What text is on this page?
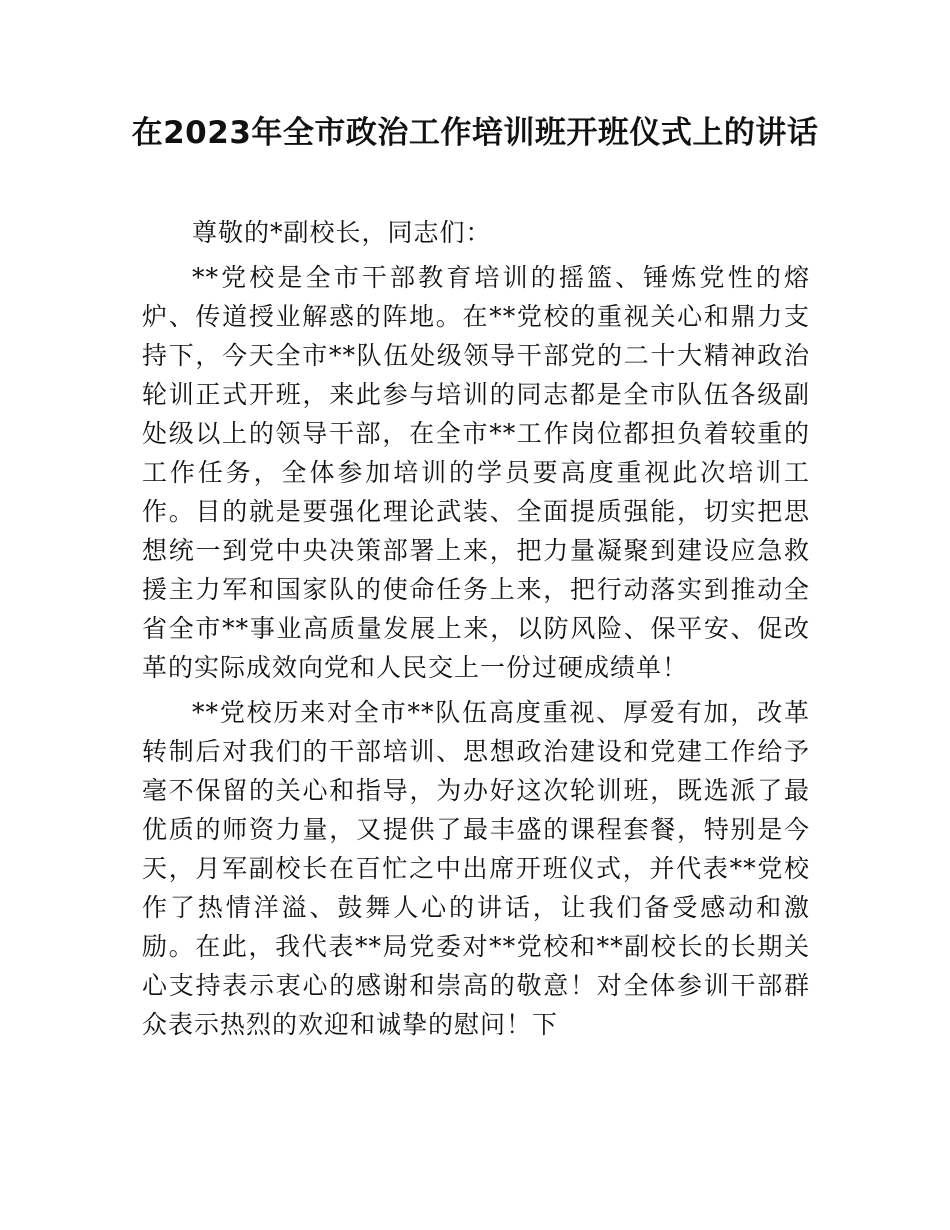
在2023年全市政治工作培训班开班仪式上的讲话

尊敬的*副校长，同志们：

**党校是全市干部教育培训的摇篮、锤炼党性的熔炉、传道授业解惑的阵地。在**党校的重视关心和鼎力支持下，今天全市**队伍处级领导干部党的二十大精神政治轮训正式开班，来此参与培训的同志都是全市队伍各级副处级以上的领导干部，在全市**工作岗位都担负着较重的工作任务，全体参加培训的学员要高度重视此次培训工作。目的就是要强化理论武装、全面提质强能，切实把思想统一到党中央决策部署上来，把力量凝聚到建设应急救援主力军和国家队的使命任务上来，把行动落实到推动全省全市**事业高质量发展上来，以防风险、保平安、促改革的实际成效向党和人民交上一份过硬成绩单！

**党校历来对全市**队伍高度重视、厚爱有加，改革转制后对我们的干部培训、思想政治建设和党建工作给予毫不保留的关心和指导，为办好这次轮训班，既选派了最优质的师资力量，又提供了最丰盛的课程套餐，特别是今天，月军副校长在百忙之中出席开班仪式，并代表**党校作了热情洋溢、鼓舞人心的讲话，让我们备受感动和激励。在此，我代表**局党委对**党校和**副校长的长期关心支持表示衷心的感谢和崇高的敬意！对全体参训干部群众表示热烈的欢迎和诚挚的慰问！下
